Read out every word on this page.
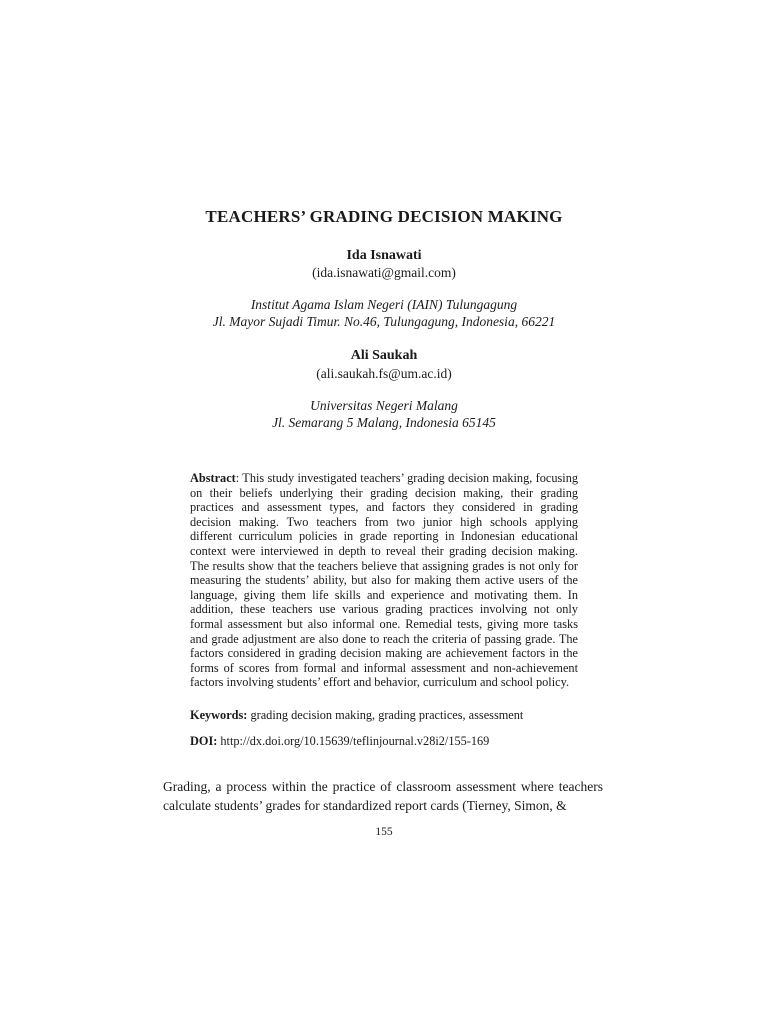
TEACHERS’ GRADING DECISION MAKING
Ida Isnawati
(ida.isnawati@gmail.com)
Institut Agama Islam Negeri (IAIN) Tulungagung
Jl. Mayor Sujadi Timur. No.46, Tulungagung, Indonesia, 66221
Ali Saukah
(ali.saukah.fs@um.ac.id)
Universitas Negeri Malang
Jl. Semarang 5 Malang, Indonesia 65145
Abstract: This study investigated teachers’ grading decision making, focusing on their beliefs underlying their grading decision making, their grading practices and assessment types, and factors they considered in grading decision making. Two teachers from two junior high schools applying different curriculum policies in grade reporting in Indonesian educational context were interviewed in depth to reveal their grading decision making. The results show that the teachers believe that assigning grades is not only for measuring the students’ ability, but also for making them active users of the language, giving them life skills and experience and motivating them. In addition, these teachers use various grading practices involving not only formal assessment but also informal one. Remedial tests, giving more tasks and grade adjustment are also done to reach the criteria of passing grade. The factors considered in grading decision making are achievement factors in the forms of scores from formal and informal assessment and non-achievement factors involving students’ effort and behavior, curriculum and school policy.
Keywords: grading decision making, grading practices, assessment
DOI: http://dx.doi.org/10.15639/teflinjournal.v28i2/155-169
Grading, a process within the practice of classroom assessment where teachers calculate students’ grades for standardized report cards (Tierney, Simon, &
155
